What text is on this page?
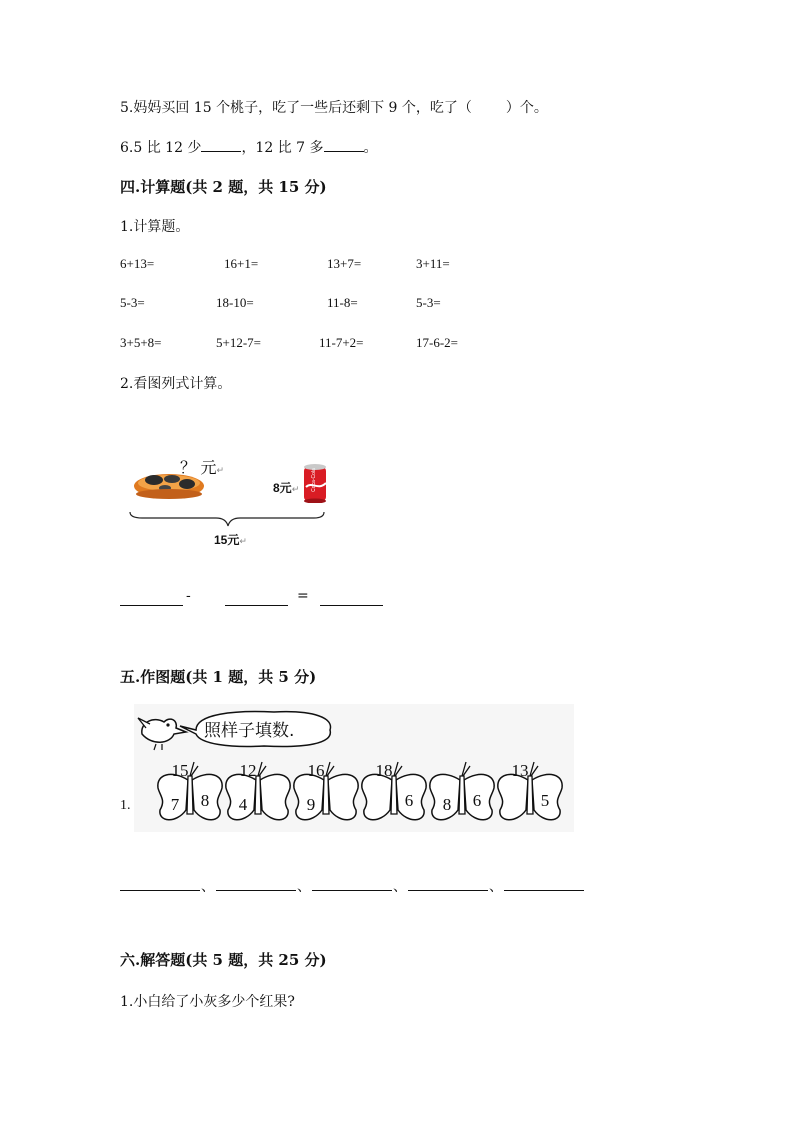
5.妈妈买回 15 个桃子，吃了一些后还剩下 9 个，吃了（ ）个。
6.5 比 12 少	，12 比 7 多	。
四.计算题(共 2 题，共 15 分)
1.计算题。
6+13=	16+1=	13+7=	3+11=
5-3=	18-10=	11-8=	5-3=
3+5+8=	5+12-7=	11-7+2=	17-6-2=
2.看图列式计算。
？ 元↵
8元↵ Coca-Cola
15元↵
-	=
五.作图题(共 1 题，共 5 分)
照样子填数.
15
7 8
12
4
16
9
18
6 8 6
13
5
1.
、	、	、	、
六.解答题(共 5 题，共 25 分)
1.小白给了小灰多少个红果?
